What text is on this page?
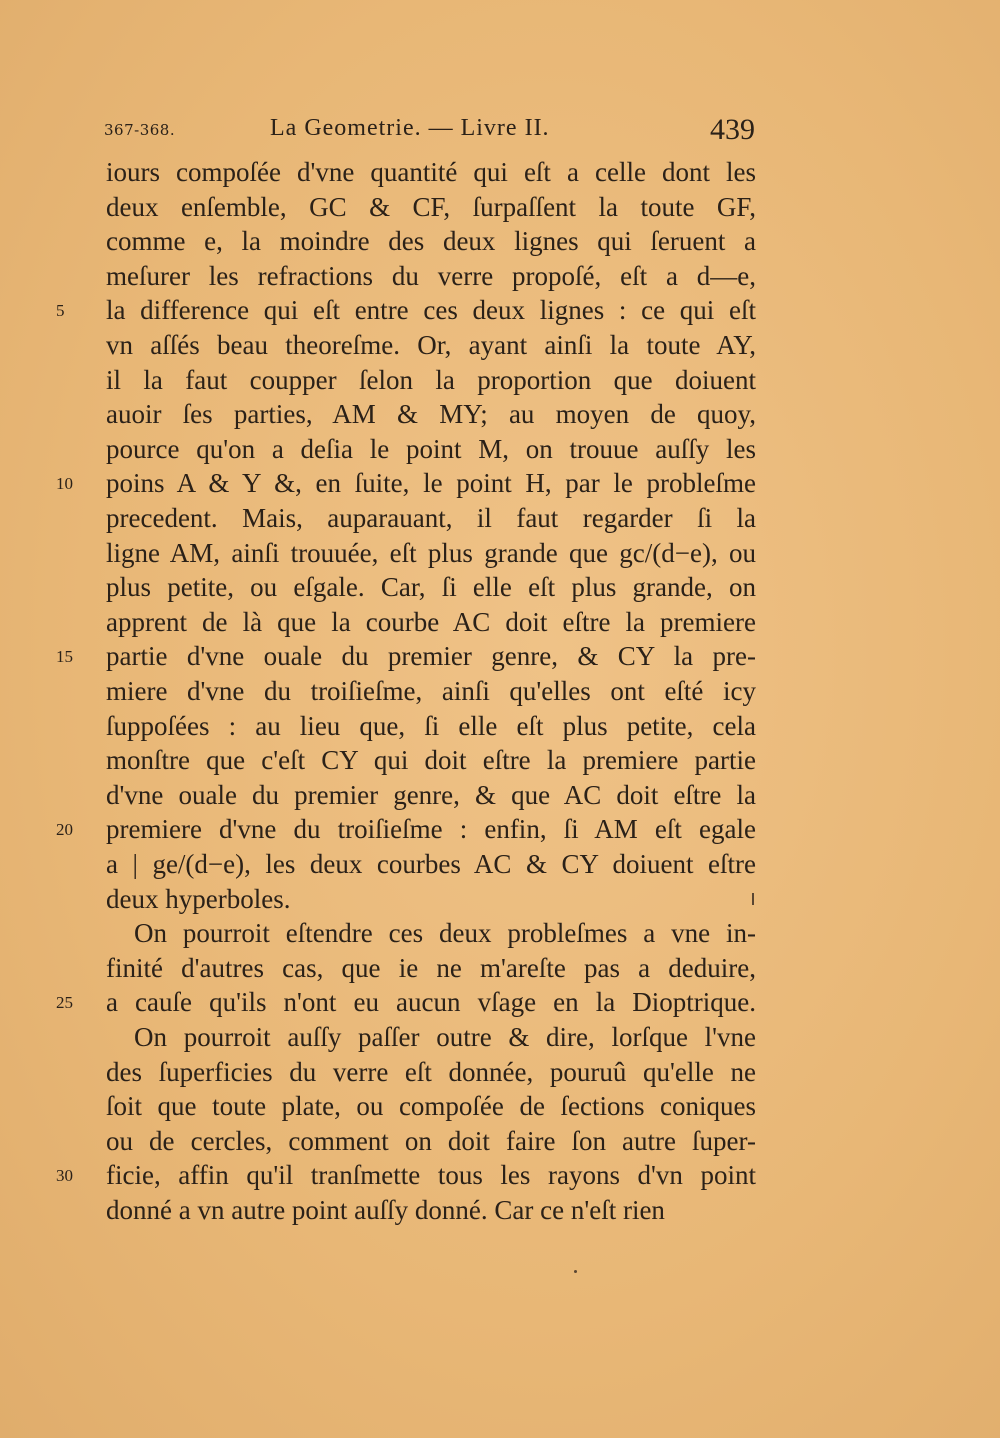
367-368.	La Geometrie. — Livre II.	439
iours compoſée d'vne quantité qui eſt a celle dont les
deux enſemble, GC & CF, ſurpaſſent la toute GF,
comme e, la moindre des deux lignes qui ſeruent a
meſurer les refractions du verre propoſé, eſt a d—e,
la difference qui eſt entre ces deux lignes : ce qui eſt
5
vn aſſés beau theoreſme. Or, ayant ainſi la toute AY,
il la faut coupper ſelon la proportion que doiuent
auoir ſes parties, AM & MY; au moyen de quoy,
pource qu'on a deſia le point M, on trouue auſſy les
poins A & Y &, en ſuite, le point H, par le probleſme
10
precedent. Mais, auparauant, il faut regarder ſi la
ligne AM, ainſi trouuée, eſt plus grande que gc/(d−e), ou
plus petite, ou eſgale. Car, ſi elle eſt plus grande, on
apprent de là que la courbe AC doit eſtre la premiere
partie d'vne ouale du premier genre, & CY la pre-
15
miere d'vne du troiſieſme, ainſi qu'elles ont eſté icy
ſuppoſées : au lieu que, ſi elle eſt plus petite, cela
monſtre que c'eſt CY qui doit eſtre la premiere partie
d'vne ouale du premier genre, & que AC doit eſtre la
premiere d'vne du troiſieſme : enfin, ſi AM eſt egale
20
a | ge/(d−e), les deux courbes AC & CY doiuent eſtre
deux hyperboles.
On pourroit eſtendre ces deux probleſmes a vne in-
finité d'autres cas, que ie ne m'areſte pas a deduire,
a cauſe qu'ils n'ont eu aucun vſage en la Dioptrique.
25
On pourroit auſſy paſſer outre & dire, lorſque l'vne
des ſuperficies du verre eſt donnée, pouruû qu'elle ne
ſoit que toute plate, ou compoſée de ſections coniques
ou de cercles, comment on doit faire ſon autre ſuper-
ficie, affin qu'il tranſmette tous les rayons d'vn point
30
donné a vn autre point auſſy donné. Car ce n'eſt rien
